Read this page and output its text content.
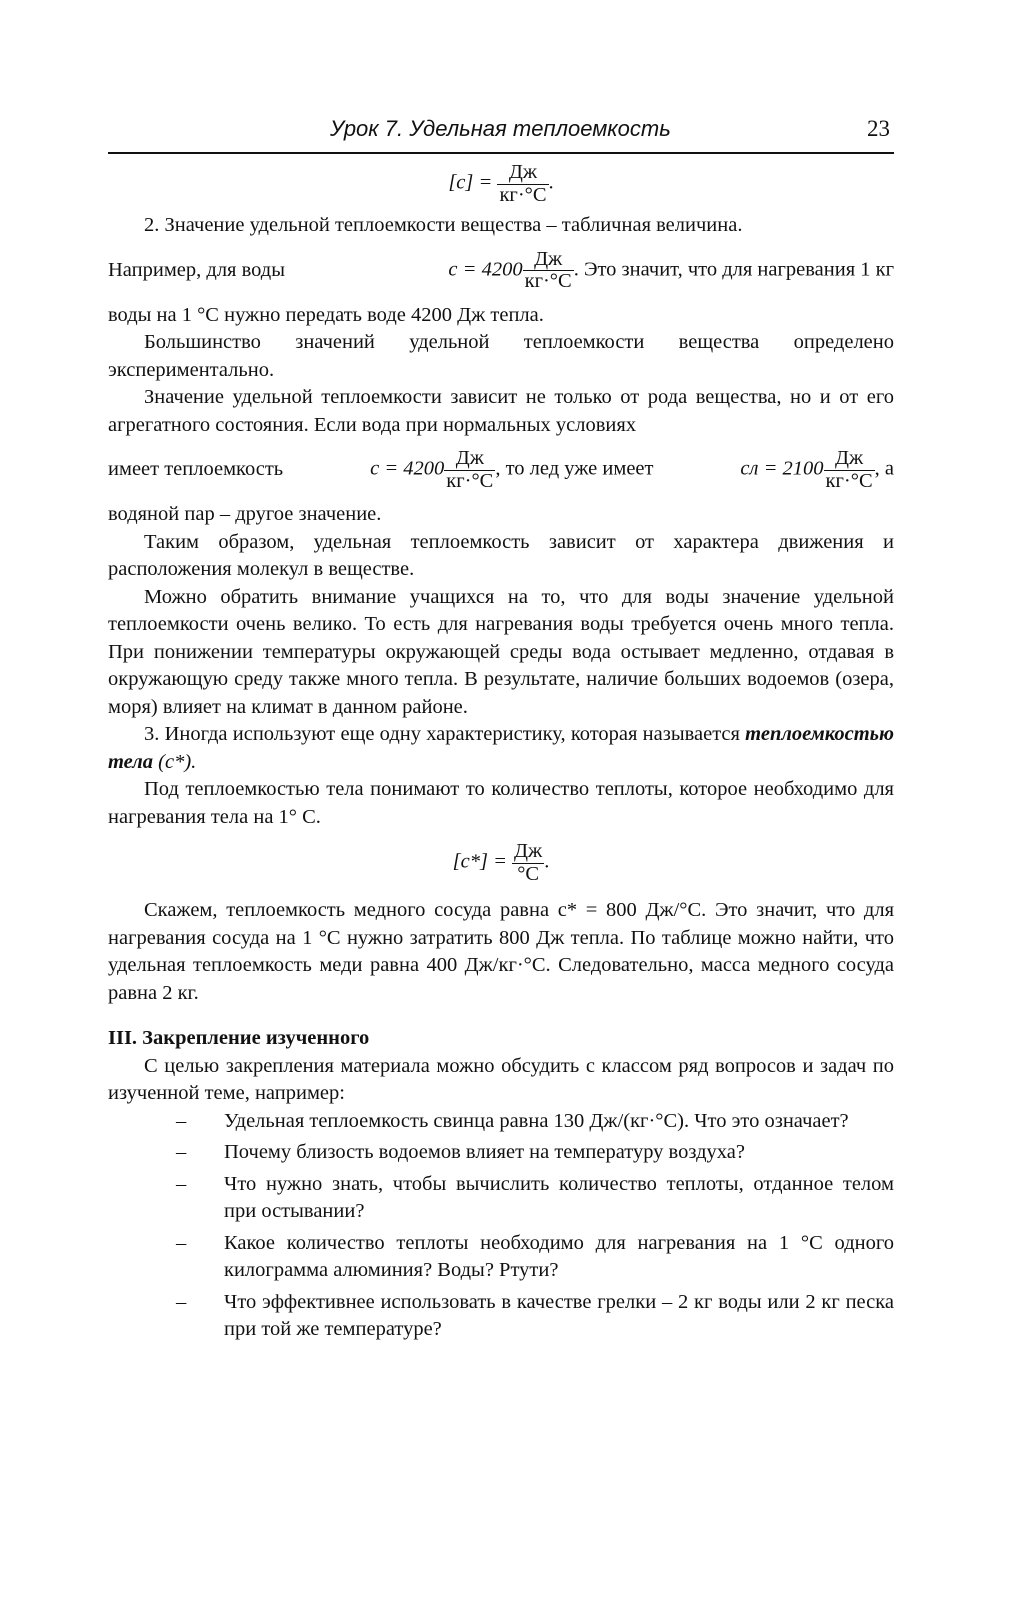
Урок 7. Удельная теплоемкость	23
$[c] = \frac{Дж}{кг\cdot^\circ С}$ .

2. Значение удельной теплоемкости вещества – табличная величина.

Например, для воды	$c = 4200 \frac{Дж}{кг\cdot^\circ С}$ . Это значит, что для нагревания 1 кг

воды на 1 °С нужно передать воде 4200 Дж тепла.

Большинство значений удельной теплоемкости вещества определено экспериментально.

Значение удельной теплоемкости зависит не только от рода вещества, но и от его агрегатного состояния. Если вода при нормальных условиях

имеет теплоемкость	$c = 4200 \frac{Дж}{кг\cdot^\circ С}$ , то лед уже имеет	cл = $2100 \frac{Дж}{кг\cdot^\circ С}$ , а

водяной пар – другое значение.

Таким образом, удельная теплоемкость зависит от характера движения и расположения молекул в веществе.

Можно обратить внимание учащихся на то, что для воды значение удельной теплоемкости очень велико. То есть для нагревания воды требуется очень много тепла. При понижении температуры окружающей среды вода остывает медленно, отдавая в окружающую среду также много тепла. В результате, наличие больших водоемов (озера, моря) влияет на климат в данном районе.

3. Иногда используют еще одну характеристику, которая называется теплоемкостью тела (c*).

Под теплоемкостью тела понимают то количество теплоты, которое необходимо для нагревания тела на 1° С.

$[c*] = \frac{Дж}{^\circ С}$ .

Скажем, теплоемкость медного сосуда равна c* = 800 Дж/°С. Это значит, что для нагревания сосуда на 1 °С нужно затратить 800 Дж тепла. По таблице можно найти, что удельная теплоемкость меди равна 400 Дж/кг·°С. Следовательно, масса медного сосуда равна 2 кг.

III. Закрепление изученного

С целью закрепления материала можно обсудить с классом ряд вопросов и задач по изученной теме, например:

– Удельная теплоемкость свинца равна 130 Дж/(кг·°С). Что это означает?
– Почему близость водоемов влияет на температуру воздуха?
– Что нужно знать, чтобы вычислить количество теплоты, отданное телом при остывании?
– Какое количество теплоты необходимо для нагревания на 1 °С одного килограмма алюминия? Воды? Ртути?
– Что эффективнее использовать в качестве грелки – 2 кг воды или 2 кг песка при той же температуре?
